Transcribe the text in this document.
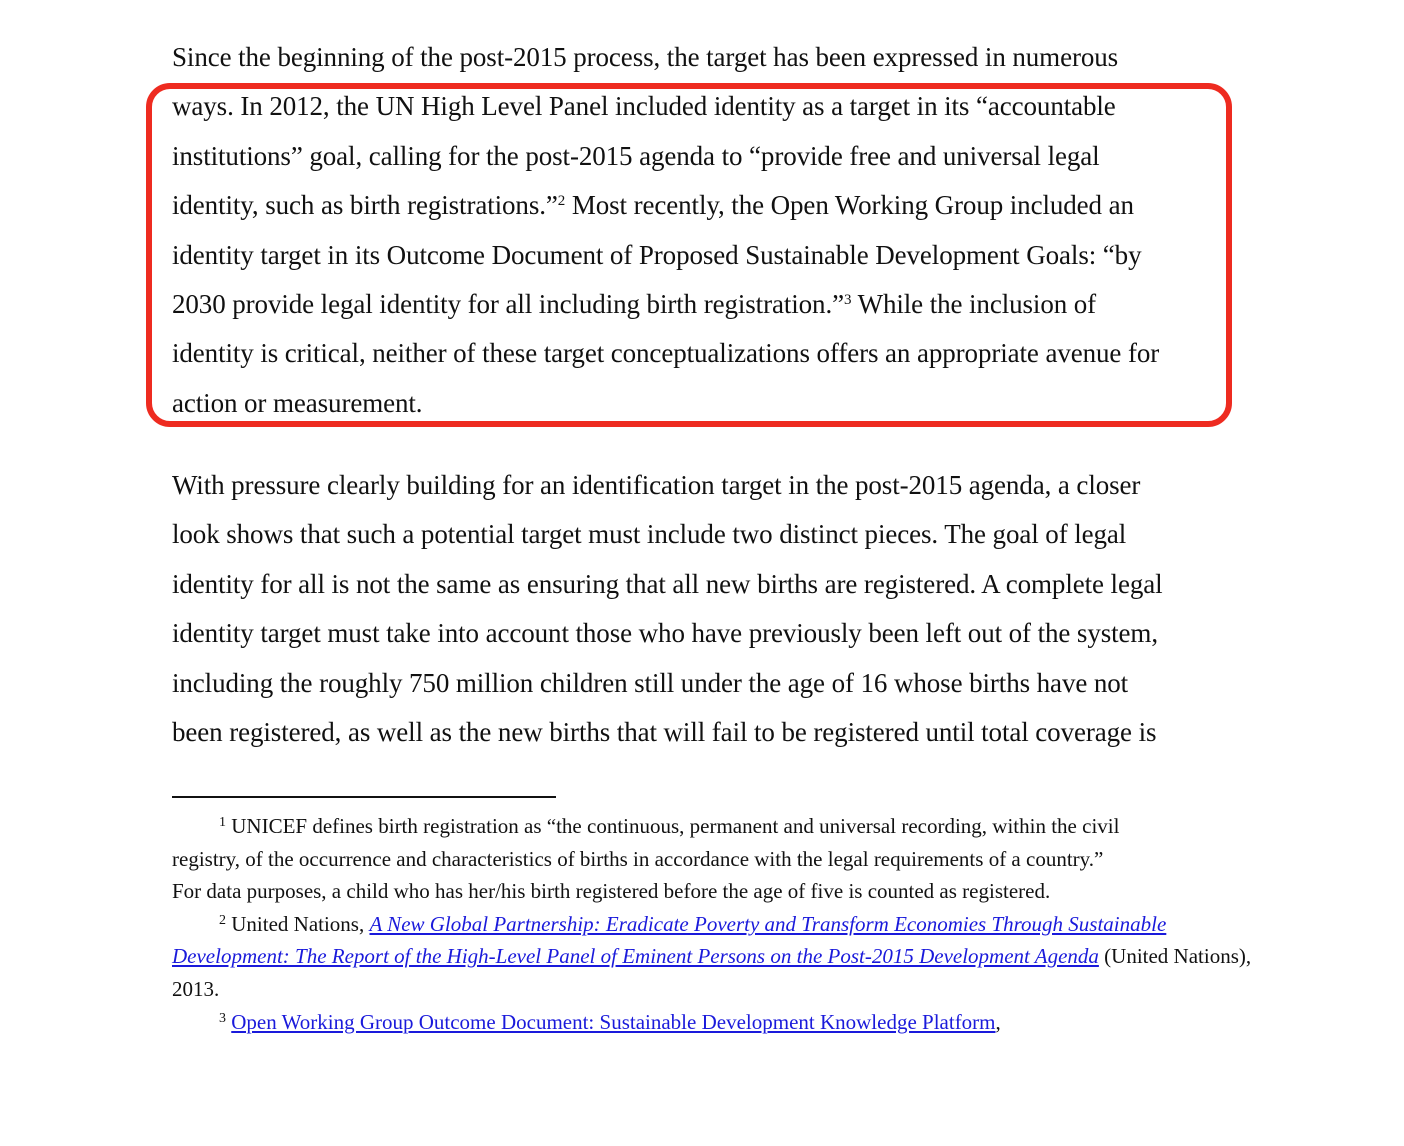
Since the beginning of the post-2015 process, the target has been expressed in numerous
ways. In 2012, the UN High Level Panel included identity as a target in its “accountable
institutions” goal, calling for the post-2015 agenda to “provide free and universal legal
identity, such as birth registrations.”$^2$ Most recently, the Open Working Group included an
identity target in its Outcome Document of Proposed Sustainable Development Goals: “by
2030 provide legal identity for all including birth registration.”$^3$ While the inclusion of
identity is critical, neither of these target conceptualizations offers an appropriate avenue for
action or measurement.
With pressure clearly building for an identification target in the post-2015 agenda, a closer
look shows that such a potential target must include two distinct pieces. The goal of legal
identity for all is not the same as ensuring that all new births are registered. A complete legal
identity target must take into account those who have previously been left out of the system,
including the roughly 750 million children still under the age of 16 whose births have not
been registered, as well as the new births that will fail to be registered until total coverage is
$^1$ UNICEF defines birth registration as “the continuous, permanent and universal recording, within the civil
registry, of the occurrence and characteristics of births in accordance with the legal requirements of a country.”
For data purposes, a child who has her/his birth registered before the age of five is counted as registered.
$^2$ United Nations, A New Global Partnership: Eradicate Poverty and Transform Economies Through Sustainable
Development: The Report of the High-Level Panel of Eminent Persons on the Post-2015 Development Agenda (United Nations),
2013.
$^3$ Open Working Group Outcome Document: Sustainable Development Knowledge Platform,
